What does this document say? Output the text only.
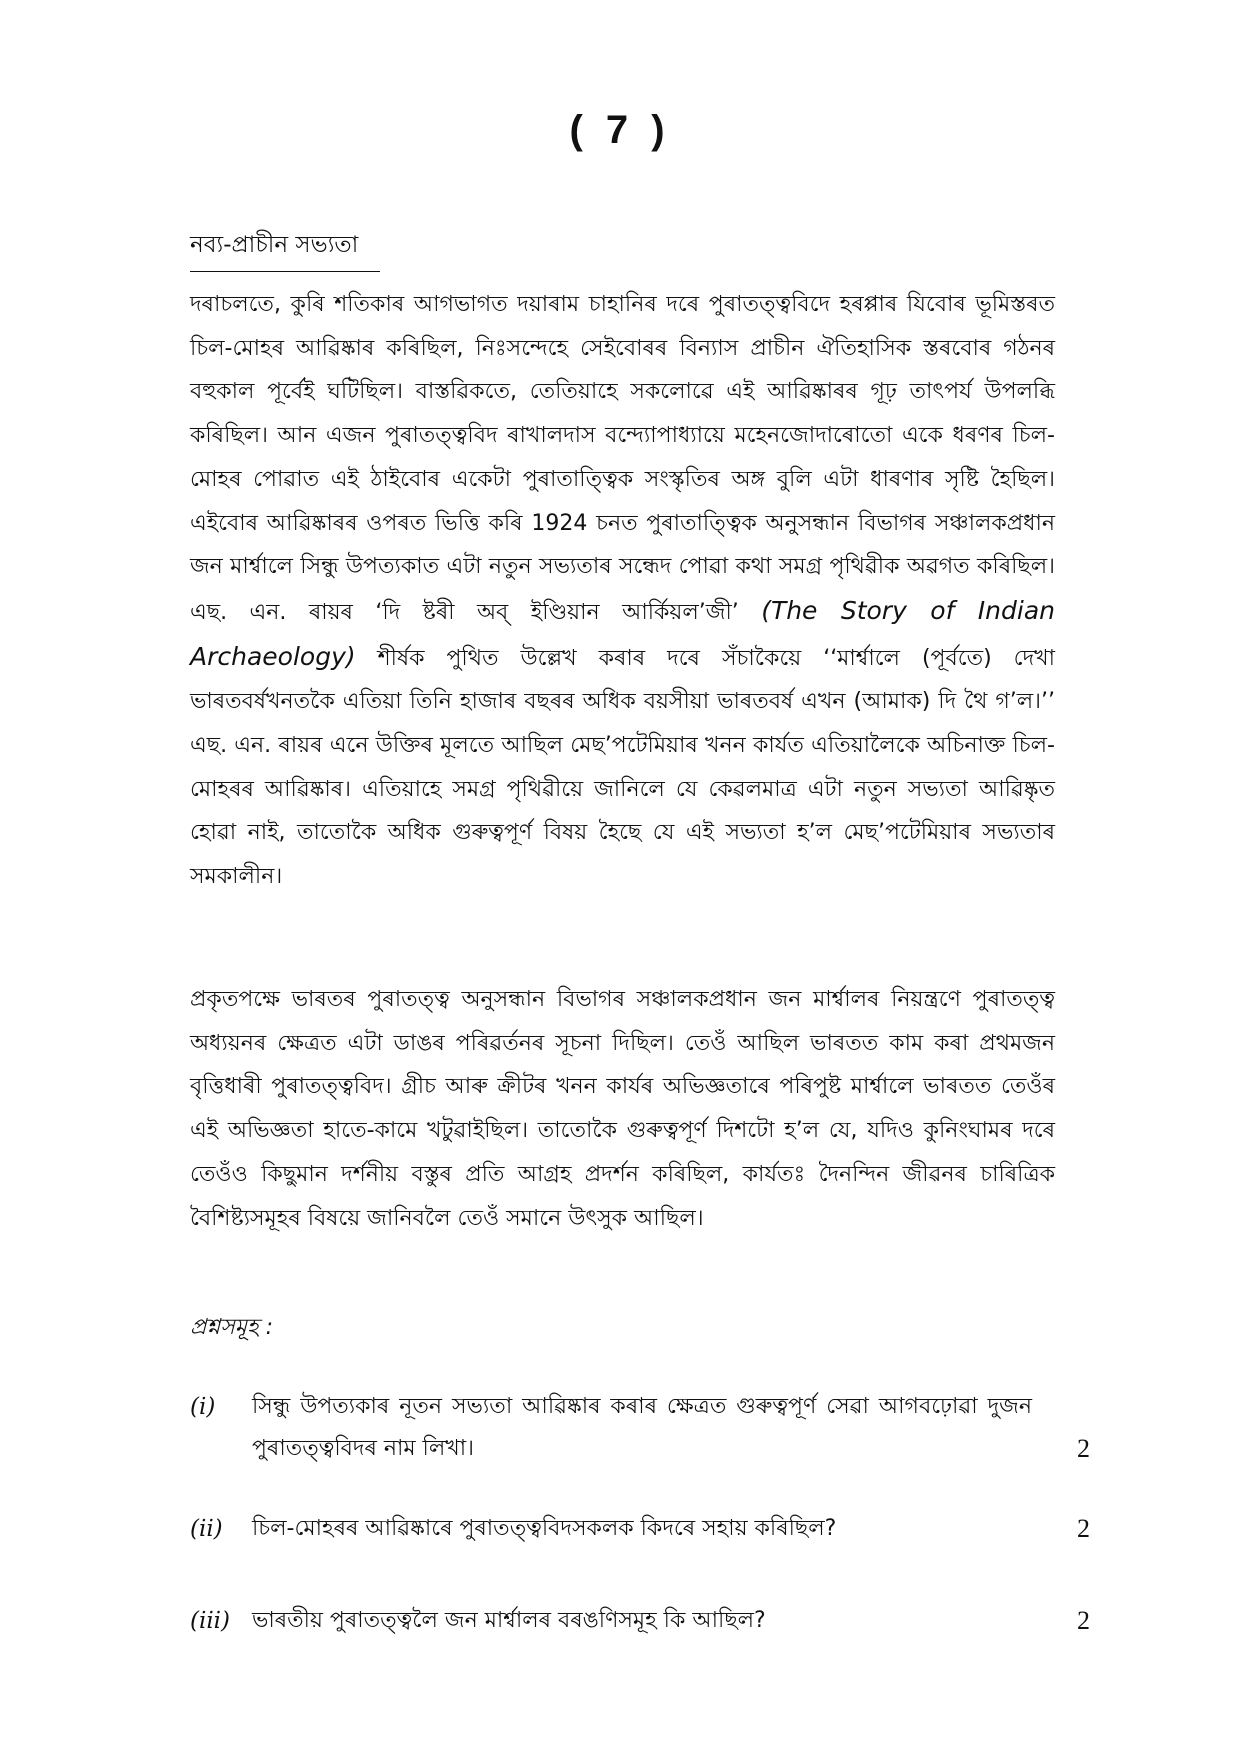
( 7 )
নব্য-প্ৰাচীন সভ্যতা

দৰাচলতে, কুৰি শতিকাৰ আগভাগত দয়াৰাম চাহানিৰ দৰে পুৰাতত্ত্ববিদে হৰপ্পাৰ যিবোৰ ভূমিস্তৰত চিল-মোহৰ আৱিষ্কাৰ কৰিছিল, নিঃসন্দেহে সেইবোৰৰ বিন্যাস প্ৰাচীন ঐতিহাসিক স্তৰবোৰ গঠনৰ বহুকাল পূৰ্বেই ঘটিছিল। বাস্তৱিকতে, তেতিয়াহে সকলোৱে এই আৱিষ্কাৰৰ গূঢ় তাৎপৰ্য উপলব্ধি কৰিছিল। আন এজন পুৰাতত্ত্ববিদ ৰাখালদাস বন্দ্যোপাধ্যায়ে মহেনজোদাৰোতো একে ধৰণৰ চিল-মোহৰ পোৱাত এই ঠাইবোৰ একেটা পুৰাতাত্ত্বিক সংস্কৃতিৰ অঙ্গ বুলি এটা ধাৰণাৰ সৃষ্টি হৈছিল। এইবোৰ আৱিষ্কাৰৰ ওপৰত ভিত্তি কৰি 1924 চনত পুৰাতাত্ত্বিক অনুসন্ধান বিভাগৰ সঞ্চালকপ্ৰধান জন মাৰ্শ্বালে সিন্ধু উপত্যকাত এটা নতুন সভ্যতাৰ সন্ধেদ পোৱা কথা সমগ্ৰ পৃথিৱীক অৱগত কৰিছিল। এছ. এন. ৰায়ৰ ‘দি ষ্টৰী অব্‌ ইণ্ডিয়ান আৰ্কিয়ল’জী’ (The Story of Indian Archaeology) শীৰ্ষক পুথিত উল্লেখ কৰাৰ দৰে সঁচাকৈয়ে ‘‘মাৰ্শ্বালে (পূৰ্বতে) দেখা ভাৰতবৰ্ষখনতকৈ এতিয়া তিনি হাজাৰ বছৰৰ অধিক বয়সীয়া ভাৰতবৰ্ষ এখন (আমাক) দি থৈ গ’ল।’’ এছ. এন. ৰায়ৰ এনে উক্তিৰ মূলতে আছিল মেছ’পটেমিয়াৰ খনন কাৰ্যত এতিয়ালৈকে অচিনাক্ত চিল-মোহৰৰ আৱিষ্কাৰ। এতিয়াহে সমগ্ৰ পৃথিৱীয়ে জানিলে যে কেৱলমাত্ৰ এটা নতুন সভ্যতা আৱিষ্কৃত হোৱা নাই, তাতোকৈ অধিক গুৰুত্বপূৰ্ণ বিষয় হৈছে যে এই সভ্যতা হ’ল মেছ’পটেমিয়াৰ সভ্যতাৰ সমকালীন।

প্ৰকৃতপক্ষে ভাৰতৰ পুৰাতত্ত্ব অনুসন্ধান বিভাগৰ সঞ্চালকপ্ৰধান জন মাৰ্শ্বালৰ নিয়ন্ত্ৰণে পুৰাতত্ত্ব অধ্যয়নৰ ক্ষেত্ৰত এটা ডাঙৰ পৰিৱৰ্তনৰ সূচনা দিছিল। তেওঁ আছিল ভাৰতত কাম কৰা প্ৰথমজন বৃত্তিধাৰী পুৰাতত্ত্ববিদ। গ্ৰীচ আৰু ক্ৰীটৰ খনন কাৰ্যৰ অভিজ্ঞতাৰে পৰিপুষ্ট মাৰ্শ্বালে ভাৰতত তেওঁৰ এই অভিজ্ঞতা হাতে-কামে খটুৱাইছিল। তাতোকৈ গুৰুত্বপূৰ্ণ দিশটো হ’ল যে, যদিও কুনিংঘামৰ দৰে তেওঁও কিছুমান দৰ্শনীয় বস্তুৰ প্ৰতি আগ্ৰহ প্ৰদৰ্শন কৰিছিল, কাৰ্যতঃ দৈনন্দিন জীৱনৰ চাৰিত্ৰিক বৈশিষ্ট্যসমূহৰ বিষয়ে জানিবলৈ তেওঁ সমানে উৎসুক আছিল।

প্ৰশ্নসমূহ :
(i) সিন্ধু উপত্যকাৰ নূতন সভ্যতা আৱিষ্কাৰ কৰাৰ ক্ষেত্ৰত গুৰুত্বপূৰ্ণ সেৱা আগবঢ়োৱা দুজন পুৰাতত্ত্ববিদৰ নাম লিখা।	2
(ii) চিল-মোহৰৰ আৱিষ্কাৰে পুৰাতত্ত্ববিদসকলক কিদৰে সহায় কৰিছিল?	2
(iii) ভাৰতীয় পুৰাতত্ত্বলৈ জন মাৰ্শ্বালৰ বৰঙণিসমূহ কি আছিল?	2
